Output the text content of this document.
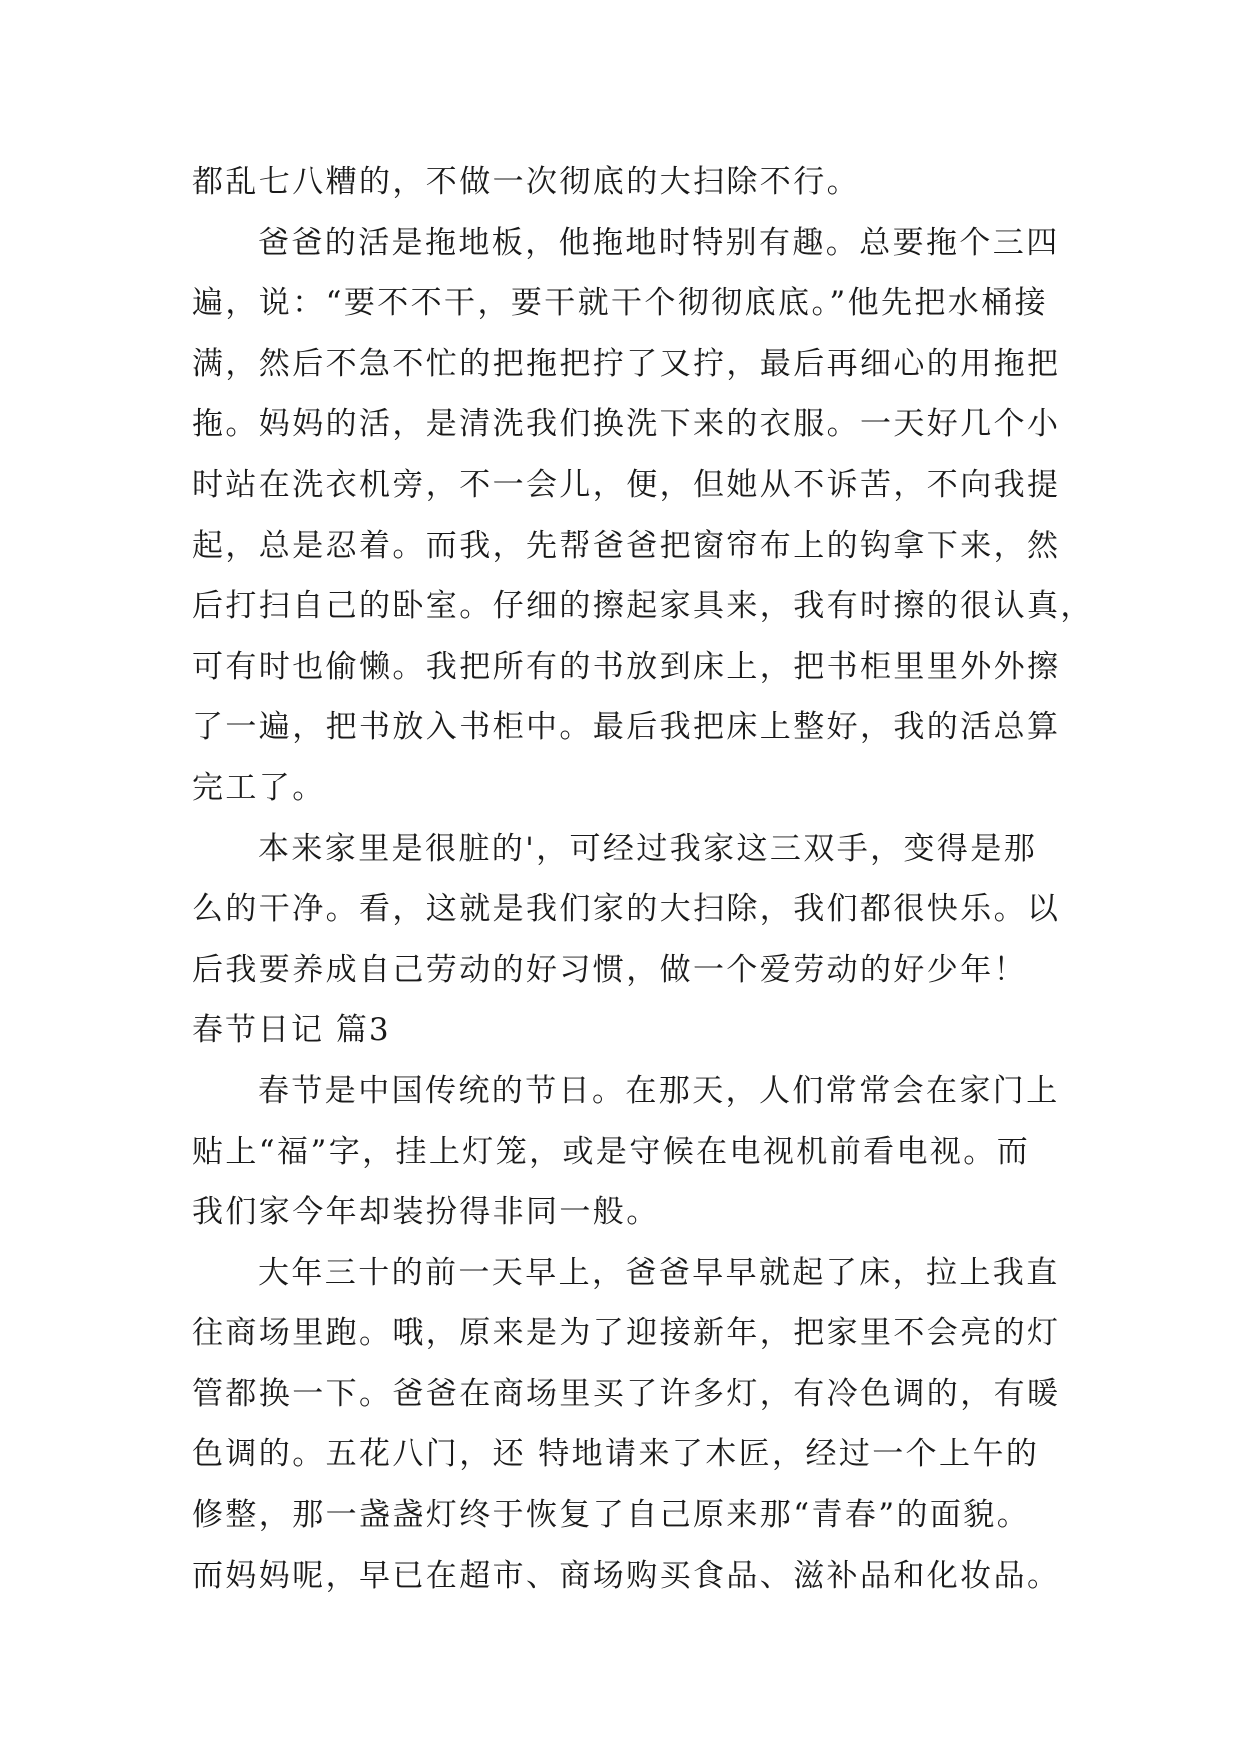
都乱七八糟的，不做一次彻底的大扫除不行。

爸爸的活是拖地板，他拖地时特别有趣。总要拖个三四
遍，说：“要不不干，要干就干个彻彻底底。”他先把水桶接
满，然后不急不忙的把拖把拧了又拧，最后再细心的用拖把
拖。妈妈的活，是清洗我们换洗下来的衣服。一天好几个小
时站在洗衣机旁，不一会儿，便，但她从不诉苦，不向我提
起，总是忍着。而我，先帮爸爸把窗帘布上的钩拿下来，然
后打扫自己的卧室。仔细的擦起家具来，我有时擦的很认真，
可有时也偷懒。我把所有的书放到床上，把书柜里里外外擦
了一遍，把书放入书柜中。最后我把床上整好，我的活总算
完工了。

本来家里是很脏的'，可经过我家这三双手，变得是那
么的干净。看，这就是我们家的大扫除，我们都很快乐。以
后我要养成自己劳动的好习惯，做一个爱劳动的好少年！

春节日记 篇3

春节是中国传统的节日。在那天，人们常常会在家门上
贴上“福”字，挂上灯笼，或是守候在电视机前看电视。而
我们家今年却装扮得非同一般。

大年三十的前一天早上，爸爸早早就起了床，拉上我直
往商场里跑。哦，原来是为了迎接新年，把家里不会亮的灯
管都换一下。爸爸在商场里买了许多灯，有冷色调的，有暖
色调的。五花八门，还 特地请来了木匠，经过一个上午的
修整，那一盏盏灯终于恢复了自己原来那“青春”的面貌。
而妈妈呢，早已在超市、商场购买食品、滋补品和化妆品。
